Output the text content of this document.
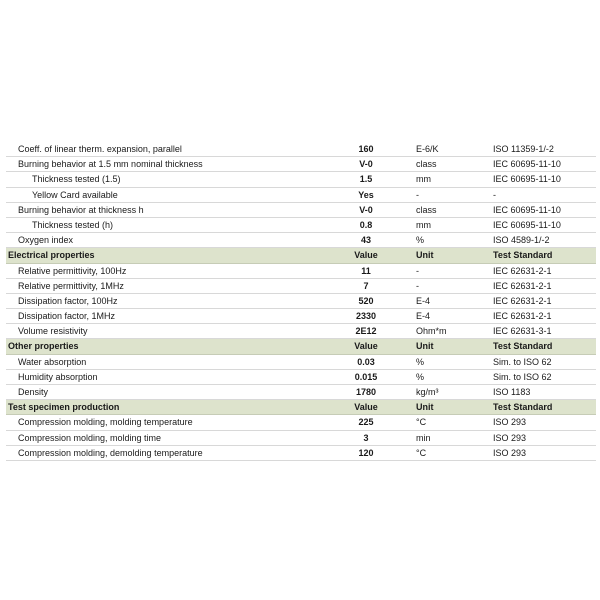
Coeff. of linear therm. expansion, parallel	160	E-6/K	ISO 11359-1/-2
Burning behavior at 1.5 mm nominal thickness	V-0	class	IEC 60695-11-10
Thickness tested (1.5)	1.5	mm	IEC 60695-11-10
Yellow Card available	Yes	-	-
Burning behavior at thickness h	V-0	class	IEC 60695-11-10
Thickness tested (h)	0.8	mm	IEC 60695-11-10
Oxygen index	43	%	ISO 4589-1/-2
Electrical properties	Value	Unit	Test Standard
Relative permittivity, 100Hz	11	-	IEC 62631-2-1
Relative permittivity, 1MHz	7	-	IEC 62631-2-1
Dissipation factor, 100Hz	520	E-4	IEC 62631-2-1
Dissipation factor, 1MHz	2330	E-4	IEC 62631-2-1
Volume resistivity	2E12	Ohm*m	IEC 62631-3-1
Other properties	Value	Unit	Test Standard
Water absorption	0.03	%	Sim. to ISO 62
Humidity absorption	0.015	%	Sim. to ISO 62
Density	1780	kg/m³	ISO 1183
Test specimen production	Value	Unit	Test Standard
Compression molding, molding temperature	225	°C	ISO 293
Compression molding, molding time	3	min	ISO 293
Compression molding, demolding temperature	120	°C	ISO 293
